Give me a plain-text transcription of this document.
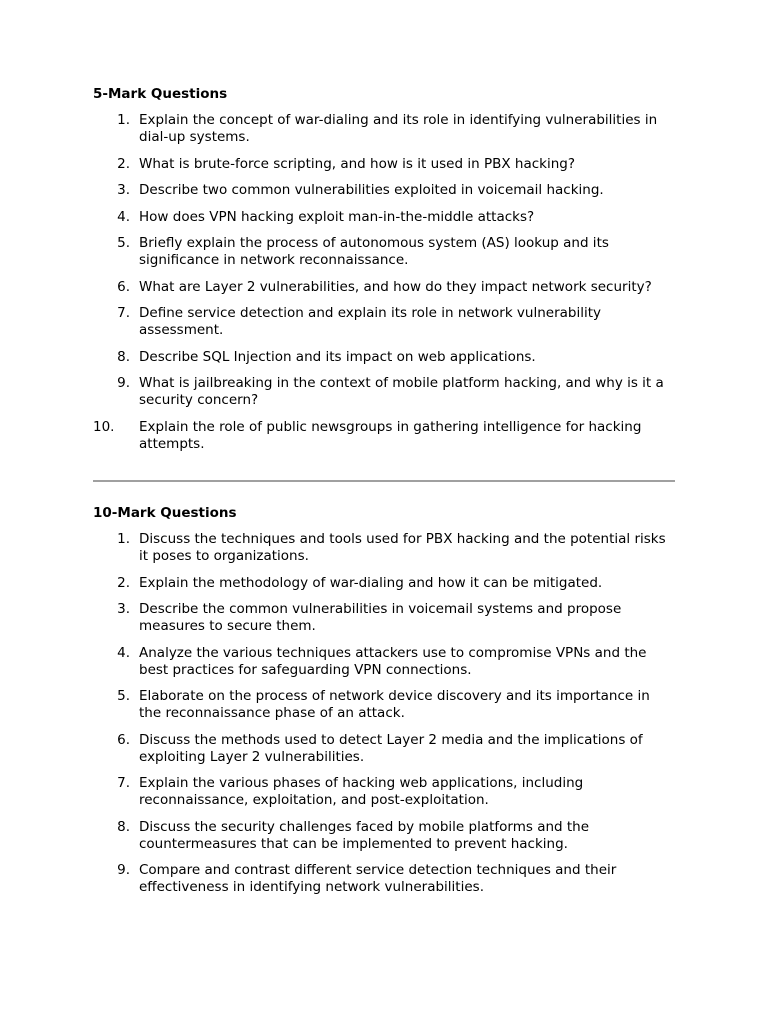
5-Mark Questions
1. Explain the concept of war-dialing and its role in identifying vulnerabilities in dial-up systems.
2. What is brute-force scripting, and how is it used in PBX hacking?
3. Describe two common vulnerabilities exploited in voicemail hacking.
4. How does VPN hacking exploit man-in-the-middle attacks?
5. Briefly explain the process of autonomous system (AS) lookup and its significance in network reconnaissance.
6. What are Layer 2 vulnerabilities, and how do they impact network security?
7. Define service detection and explain its role in network vulnerability assessment.
8. Describe SQL Injection and its impact on web applications.
9. What is jailbreaking in the context of mobile platform hacking, and why is it a security concern?
10.	Explain the role of public newsgroups in gathering intelligence for hacking attempts.
10-Mark Questions
1. Discuss the techniques and tools used for PBX hacking and the potential risks it poses to organizations.
2. Explain the methodology of war-dialing and how it can be mitigated.
3. Describe the common vulnerabilities in voicemail systems and propose measures to secure them.
4. Analyze the various techniques attackers use to compromise VPNs and the best practices for safeguarding VPN connections.
5. Elaborate on the process of network device discovery and its importance in the reconnaissance phase of an attack.
6. Discuss the methods used to detect Layer 2 media and the implications of exploiting Layer 2 vulnerabilities.
7. Explain the various phases of hacking web applications, including reconnaissance, exploitation, and post-exploitation.
8. Discuss the security challenges faced by mobile platforms and the countermeasures that can be implemented to prevent hacking.
9. Compare and contrast different service detection techniques and their effectiveness in identifying network vulnerabilities.
